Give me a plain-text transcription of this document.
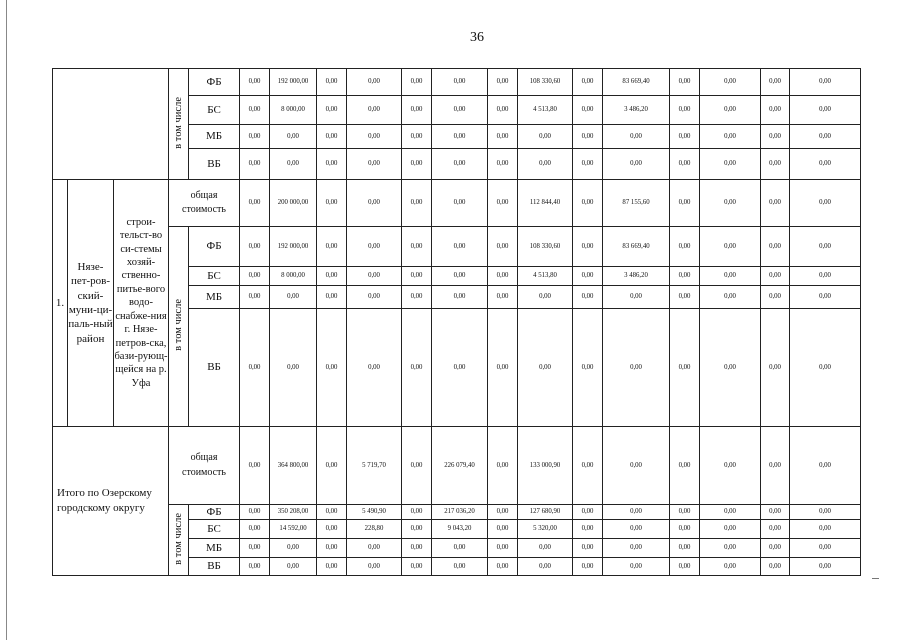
36
			в том числе	ФБ	0,00	192 000,00	0,00	0,00	0,00	0,00	0,00	108 330,60	0,00	83 669,40	0,00	0,00	0,00	0,00
				БС	0,00	8 000,00	0,00	0,00	0,00	0,00	0,00	4 513,80	0,00	3 486,20	0,00	0,00	0,00	0,00
				МБ	0,00	0,00	0,00	0,00	0,00	0,00	0,00	0,00	0,00	0,00	0,00	0,00	0,00	0,00
				ВБ	0,00	0,00	0,00	0,00	0,00	0,00	0,00	0,00	0,00	0,00	0,00	0,00	0,00	0,00
1.	Нязе-пет-ров-ский-муни-ци-паль-ный район	строи-тельст-во си-стемы хозяй-ственно-питье-вого водо-снабже-ния г. Нязе-петров-ска, бази-рующ-щейся на р. Уфа	общая стоимость		0,00	200 000,00	0,00	0,00	0,00	0,00	0,00	112 844,40	0,00	87 155,60	0,00	0,00	0,00	0,00
			в том числе	ФБ	0,00	192 000,00	0,00	0,00	0,00	0,00	0,00	108 330,60	0,00	83 669,40	0,00	0,00	0,00	0,00
				БС	0,00	8 000,00	0,00	0,00	0,00	0,00	0,00	4 513,80	0,00	3 486,20	0,00	0,00	0,00	0,00
				МБ	0,00	0,00	0,00	0,00	0,00	0,00	0,00	0,00	0,00	0,00	0,00	0,00	0,00	0,00
				ВБ	0,00	0,00	0,00	0,00	0,00	0,00	0,00	0,00	0,00	0,00	0,00	0,00	0,00	0,00
Итого по Озерскому городскому округу			общая стоимость		0,00	364 800,00	0,00	5 719,70	0,00	226 079,40	0,00	133 000,90	0,00	0,00	0,00	0,00	0,00	0,00
			в том числе	ФБ	0,00	350 208,00	0,00	5 490,90	0,00	217 036,20	0,00	127 680,90	0,00	0,00	0,00	0,00	0,00	0,00
				БС	0,00	14 592,00	0,00	228,80	0,00	9 043,20	0,00	5 320,00	0,00	0,00	0,00	0,00	0,00	0,00
				МБ	0,00	0,00	0,00	0,00	0,00	0,00	0,00	0,00	0,00	0,00	0,00	0,00	0,00	0,00
				ВБ	0,00	0,00	0,00	0,00	0,00	0,00	0,00	0,00	0,00	0,00	0,00	0,00	0,00	0,00
